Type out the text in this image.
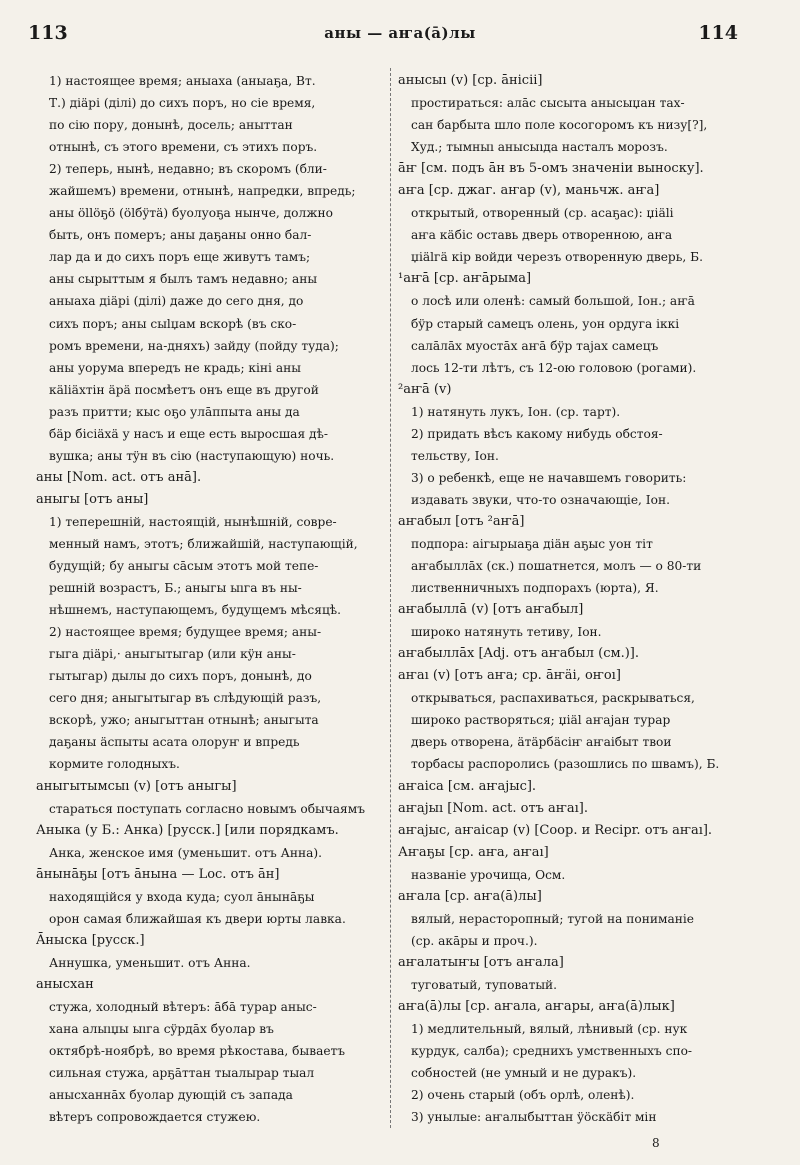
113	аны — аҥа(ā)лы	114
1) настоящее время; аныаха (аныаҕа, Вт.
Т.) дiäрi (дiлi) до сихъ поръ, но сiе время,
по сiю пору, донынѣ, досель; аныттан
отнынѣ, съ этого времени, съ этихъ поръ.
2) теперь, нынѣ, недавно; въ скоромъ (бли-
жайшемъ) времени, отнынѣ, напредки, впредь;
аны öllöҕö (ölбÿтä) буолуоҕа нынче, должно
быть, онъ померъ; аны даҕаны онно бал-
лар да и до сихъ поръ еще живутъ тамъ;
аны сырыттым я былъ тамъ недавно; аны
аныаха дiäрi (дiлi) даже до сего дня, до
сихъ поръ; аны сыlџам вскорѣ (въ ско-
ромъ времени, на-дняхъ) зайду (пойду туда);
аны уорума впередъ не крадь; кiнi аны
кäliäхтiн äрä посмѣетъ онъ еще въ другой
разъ притти; кыс оҕо улāппыта аны да
бäр бiсiäхä у насъ и еще есть выросшая дѣ-
вушка; аны тÿн въ сiю (наступающую) ночь.
аны [Nom. act. отъ анā].
аныгы [отъ аны]
1) теперешнiй, настоящiй, нынѣшнiй, совре-
менный намъ, этотъ; ближайшiй, наступающiй,
будущiй; бу аныгы сāсым этотъ мой тепе-
решнiй возрастъ, Б.; аныгы ыıга въ ны-
нѣшнемъ, наступающемъ, будущемъ мѣсяцѣ.
2) настоящее время; будущее время; аны-
гыга дiäрi,· аныгытыгар (или кÿн аны-
гытыгар) дылы до сихъ поръ, донынѣ, до
сего дня; аныгытыгар въ слѣдующiй разъ,
вскорѣ, ужо; аныгыттан отнынѣ; аныгыта
даҕаны äспыты асата олоруҥ и впредь
кормите голодныхъ.
аныгытымсыı (v) [отъ аныгы]
стараться поступать согласно новымъ обычаямъ
Аныка (у Б.: Анка) [русск.] [или порядкамъ.
Анка, женское имя (уменьшит. отъ Анна).
āнынāҕы [отъ āнына — Loc. отъ āн]
находящiйся у входа куда; суол āнынāҕы
орон самая ближайшая къ двери юрты лавка.
Āныска [русск.]
Аннушка, уменьшит. отъ Анна.
анысхан
стужа, холодный вѣтеръ: āбā турар аныс-
хана алыıџы ыıга сÿрдāх буолар въ
октябрѣ-ноябрѣ, во время рѣкостава, бываетъ
сильная стужа, арҕāттан тыалырар тыал
анысханнāх буолар дующiй съ запада
вѣтеръ сопровождается стужею.
анысыı (v) [ср. āнiсii]
простираться: алāс сысыта анысыџан тах-
сан барбыта шло поле косогоромъ къ низу[?],
Худ.; тымныı анысыıда насталъ морозъ.
āҥ [см. подъ āн въ 5-омъ значенiи выноску].
аҥа [ср. джаг. аҥар (v), маньчж. аҥа]
открытый, отворенный (ср. асаҕас): џiäli
аҥа кäбiс оставь дверь отворенною, аҥа
џiälгä кiр войди черезъ отворенную дверь, Б.
¹аҥā [ср. аҥāрыма]
о лосѣ или оленѣ: самый большой, Іон.; аҥā
бÿр старый самецъ олень, уон ордуга iккi
салāлāх муостāх аҥā бÿр таjах самецъ
лось 12-ти лѣтъ, съ 12-ою головою (рогами).
²аҥā (v)
1) натянуть лукъ, Іон. (ср. тарт).
2) придать вѣсъ какому нибудь обстоя-
тельству, Іон.
3) о ребенкѣ, еще не начавшемъ говорить:
издавать звуки, что-то означающiе, Іон.
аҥабыл [отъ ²аҥā]
подпора: аiгырыаҕа дiäн аҕыс уон тiт
аҥабыллāх (ск.) пошатнется, молъ — о 80-ти
лиственничныхъ подпорахъ (юрта), Я.
аҥабыллā (v) [отъ аҥабыл]
широко натянуть тетиву, Іон.
аҥабыллāх [Adj. отъ аҥабыл (см.)].
аҥаı (v) [отъ аҥа; ср. āҥäi, оҥоı]
открываться, распахиваться, раскрываться,
широко растворяться; џiäl аҥаjан турар
дверь отворена, äтäрбäсiҥ аҥаiбыт твои
торбасы распоролись (разошлись по швамъ), Б.
аҥаіса [см. аҥаjыс].
аҥаjыı [Nom. act. отъ аҥаı].
аҥаjыс, аҥаісар (v) [Coop. и Recipr. отъ аҥаı].
Аҥаҕы [ср. аҥа, аҥаı]
названiе урочища, Осм.
аҥала [ср. аҥа(ā)лы]
вялый, нерасторопный; тугой на пониманiе
(ср. акāры и проч.).
аҥалатыҥы [отъ аҥала]
туговатый, туповатый.
аҥа(ā)лы [ср. аҥала, аҥары, аҥа(ā)лык]
1) медлительный, вялый, лѣнивый (ср. нук
курдук, салба); среднихъ умственныхъ спо-
собностей (не умный и не дуракъ).
2) очень старый (объ орлѣ, оленѣ).
3) унылые: аҥалыбыттан ÿöскäбiт мiн
8
